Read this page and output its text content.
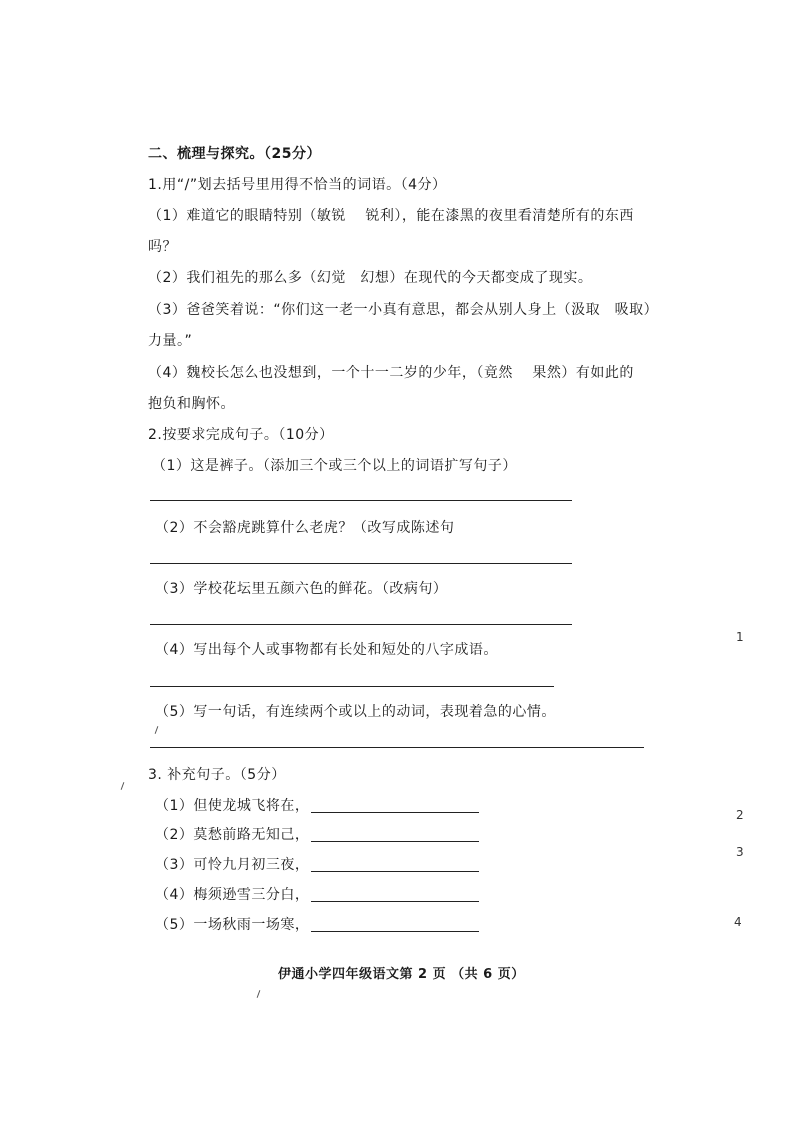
二、梳理与探究。（25分）
1.用“/”划去括号里用得不恰当的词语。（4分）
（1）难道它的眼睛特别（敏锐　 锐利），能在漆黑的夜里看清楚所有的东西
吗？
（2）我们祖先的那么多（幻觉　幻想）在现代的今天都变成了现实。
（3）爸爸笑着说：“你们这一老一小真有意思，都会从别人身上（汲取　吸取）
力量。”
（4）魏校长怎么也没想到，一个十一二岁的少年，（竟然　 果然）有如此的
抱负和胸怀。
2.按要求完成句子。（10分）
（1）这是裤子。（添加三个或三个以上的词语扩写句子）
（2）不会豁虎跳算什么老虎？（改写成陈述句
（3）学校花坛里五颜六色的鲜花。（改病句）
（4）写出每个人或事物都有长处和短处的八字成语。
（5）写一句话，有连续两个或以上的动词，表现着急的心情。
3. 补充句子。（5分）
（1）但使龙城飞将在，
（2）莫愁前路无知己，
（3）可怜九月初三夜，
（4）梅须逊雪三分白，
（5）一场秋雨一场寒，
伊通小学四年级语文第 2 页 （共 6 页）
1
2
3
4
